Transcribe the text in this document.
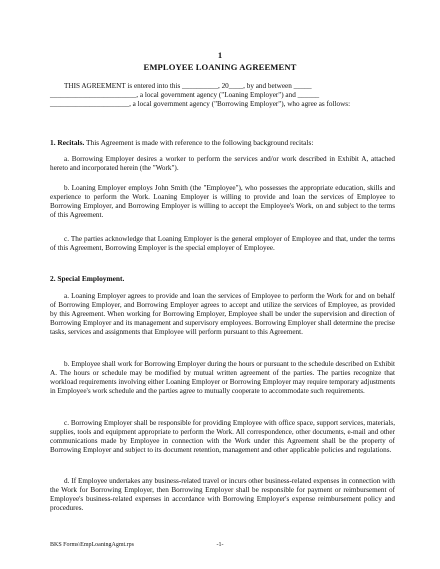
1
EMPLOYEE LOANING AGREEMENT
THIS AGREEMENT is entered into this __________, 20____, by and between _____
________________________, a local government agency ("Loaning Employer") and ______
______________________, a local government agency ("Borrowing Employer"), who agree as follows:
1. Recitals. This Agreement is made with reference to the following background recitals:
a. Borrowing Employer desires a worker to perform the services and/or work described in Exhibit A, attached hereto and incorporated herein (the "Work").
b. Loaning Employer employs John Smith (the "Employee"), who possesses the appropriate education, skills and experience to perform the Work. Loaning Employer is willing to provide and loan the services of Employee to Borrowing Employer, and Borrowing Employer is willing to accept the Employee's Work, on and subject to the terms of this Agreement.
c. The parties acknowledge that Loaning Employer is the general employer of Employee and that, under the terms of this Agreement, Borrowing Employer is the special employer of Employee.
2. Special Employment.
a. Loaning Employer agrees to provide and loan the services of Employee to perform the Work for and on behalf of Borrowing Employer, and Borrowing Employer agrees to accept and utilize the services of Employee, as provided by this Agreement. When working for Borrowing Employer, Employee shall be under the supervision and direction of Borrowing Employer and its management and supervisory employees. Borrowing Employer shall determine the precise tasks, services and assignments that Employee will perform pursuant to this Agreement.
b. Employee shall work for Borrowing Employer during the hours or pursuant to the schedule described on Exhibit A. The hours or schedule may be modified by mutual written agreement of the parties. The parties recognize that workload requirements involving either Loaning Employer or Borrowing Employer may require temporary adjustments in Employee's work schedule and the parties agree to mutually cooperate to accommodate such requirements.
c. Borrowing Employer shall be responsible for providing Employee with office space, support services, materials, supplies, tools and equipment appropriate to perform the Work. All correspondence, other documents, e-mail and other communications made by Employee in connection with the Work under this Agreement shall be the property of Borrowing Employer and subject to its document retention, management and other applicable policies and regulations.
d. If Employee undertakes any business-related travel or incurs other business-related expenses in connection with the Work for Borrowing Employer, then Borrowing Employer shall be responsible for payment or reimbursement of Employee's business-related expenses in accordance with Borrowing Employer's expense reimbursement policy and procedures.
BKS Forms\EmpLoaningAgmt.rps	-1-
